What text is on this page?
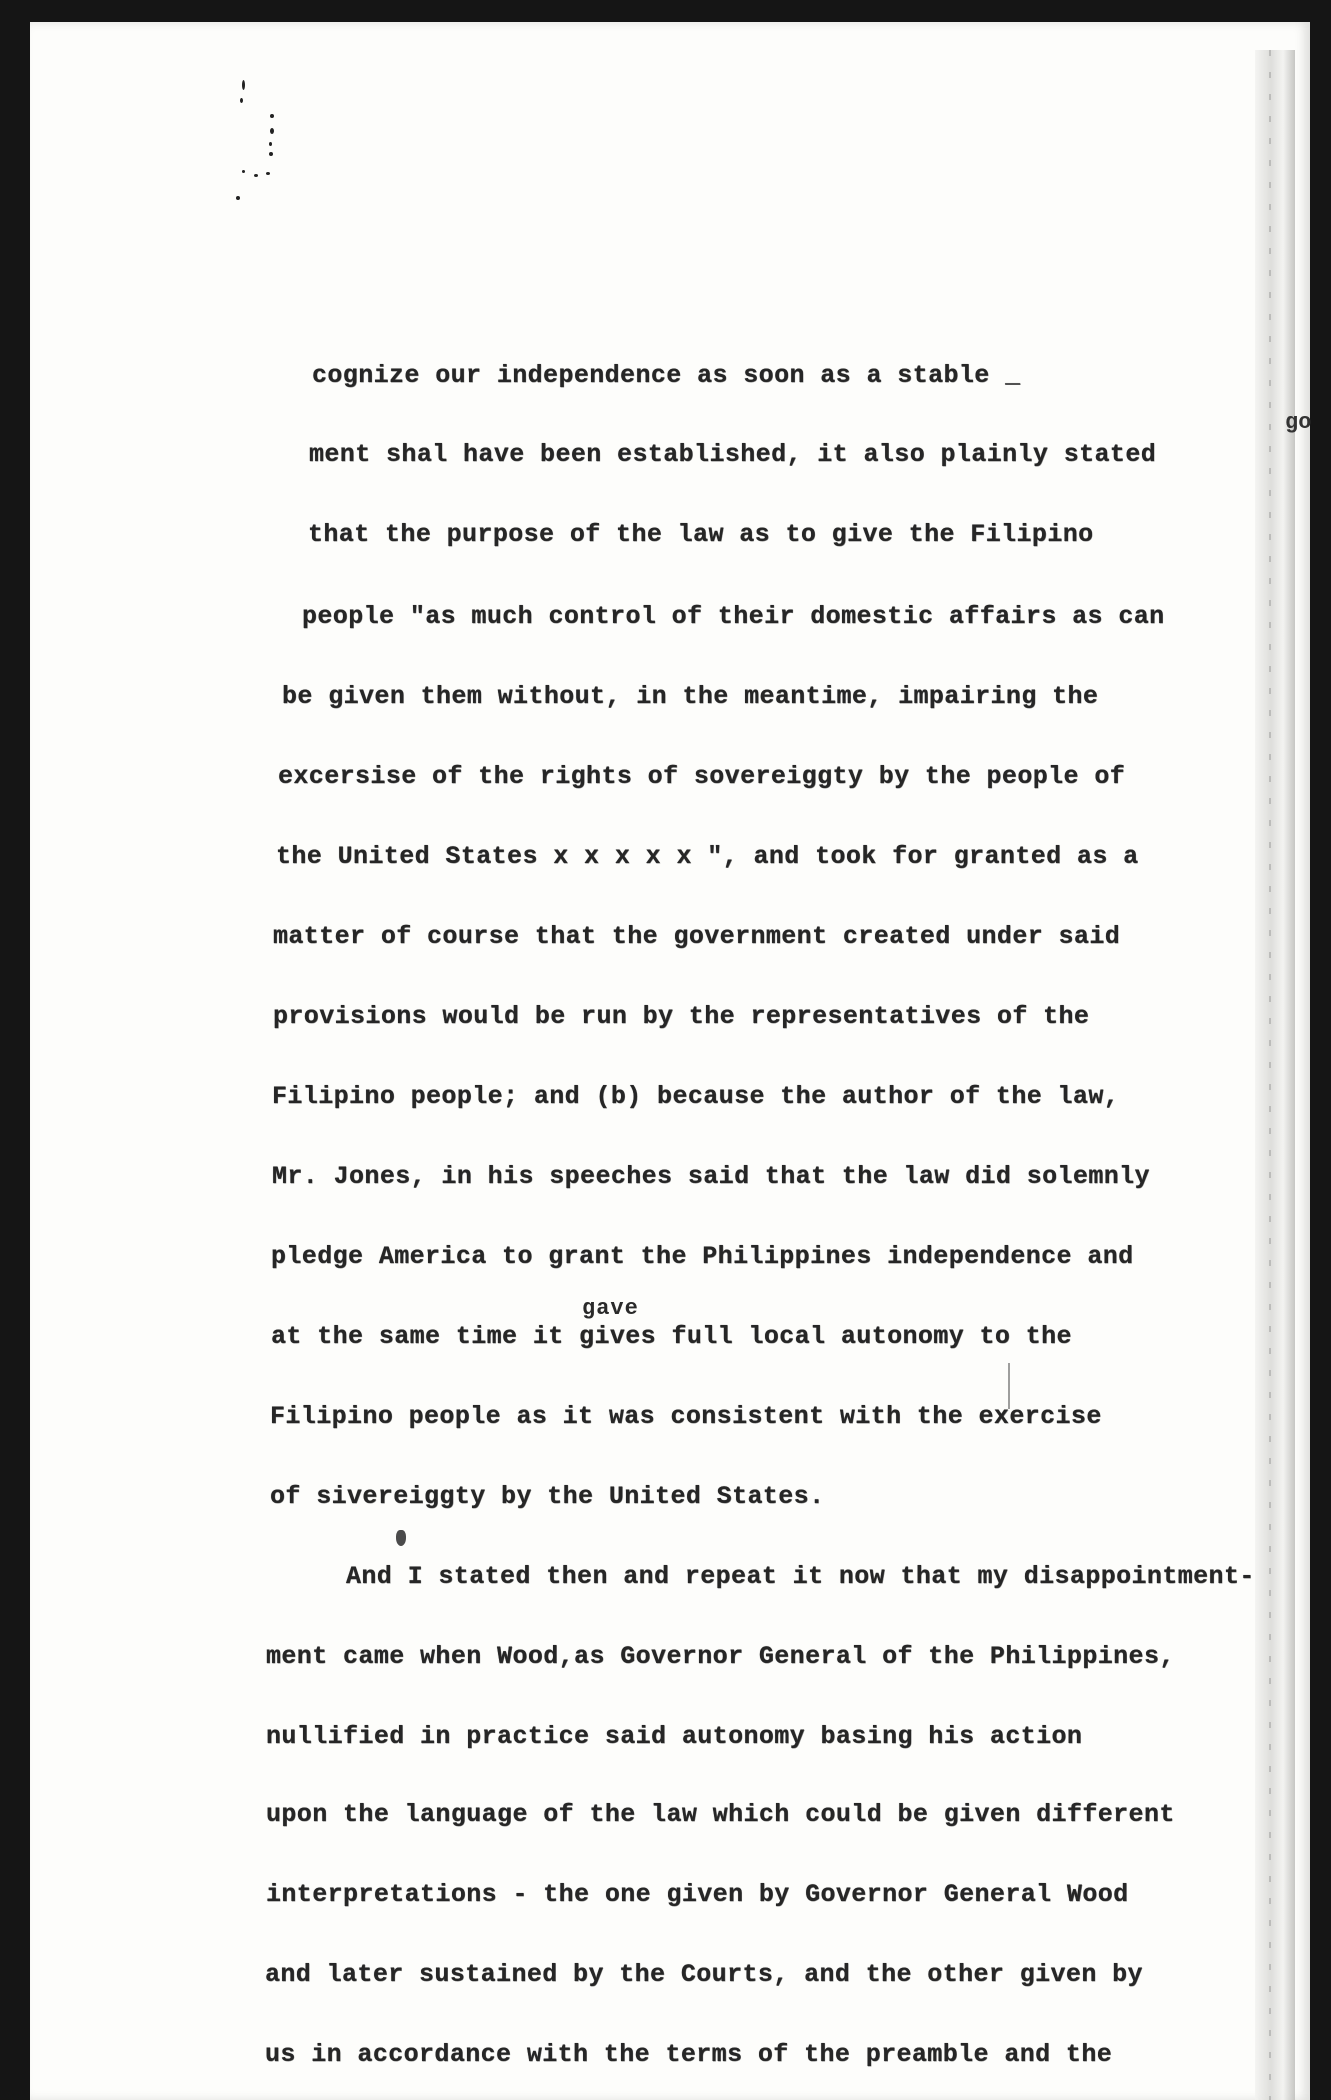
go
cognize our independence as soon as a stable _
ment shal have been established, it also plainly stated
that the purpose of the law as to give the Filipino
people "as much control of their domestic affairs as can
be given them without, in the meantime, impairing the
excersise of the rights of sovereiggty by the people of
the United States x x x x x ", and took for granted as a
matter of course that the government created under said
provisions would be run by the representatives of the
Filipino people; and (b) because the author of the law,
Mr. Jones, in his speeches said that the law did solemnly
pledge America to grant the Philippines independence and
gave
at the same time it gives full local autonomy to the
Filipino people as it was consistent with the exercise
of sivereiggty by the United States.
And I stated then and repeat it now that my disappointment-
ment came when Wood,as Governor General of the Philippines,
nullified in practice said autonomy basing his action
upon the language of the law which could be given different
interpretations - the one given by Governor General Wood
and later sustained by the Courts, and the other given by
us in accordance with the terms of the preamble and the
